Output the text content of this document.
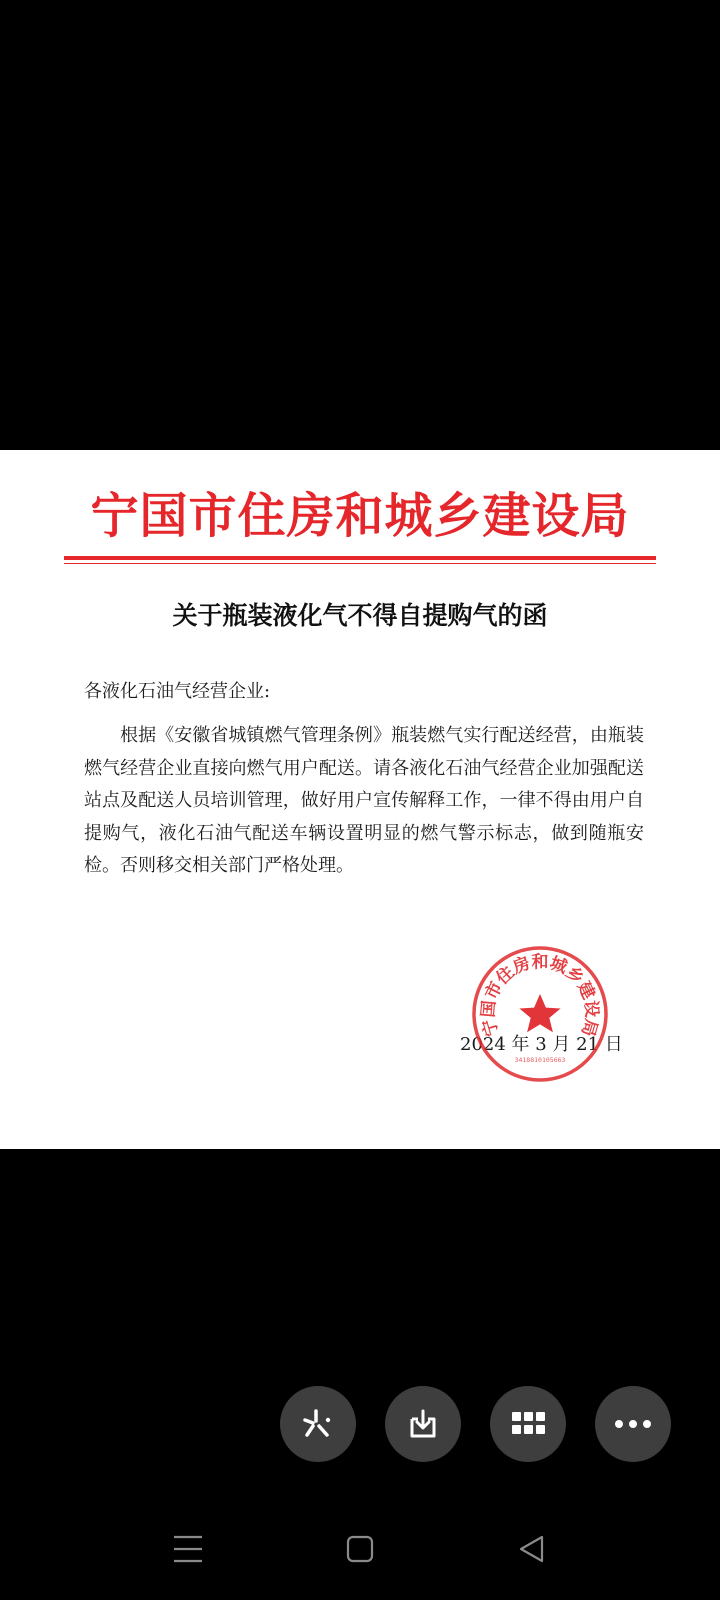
宁国市住房和城乡建设局
关于瓶装液化气不得自提购气的函
各液化石油气经营企业:
根据《安徽省城镇燃气管理条例》瓶装燃气实行配送经营，由瓶装燃气经营企业直接向燃气用户配送。请各液化石油气经营企业加强配送站点及配送人员培训管理，做好用户宣传解释工作，一律不得由用户自提购气，液化石油气配送车辆设置明显的燃气警示标志，做到随瓶安检。否则移交相关部门严格处理。
2024 年 3 月 21 日
宁国市住房和城乡建设局
3418810105663
